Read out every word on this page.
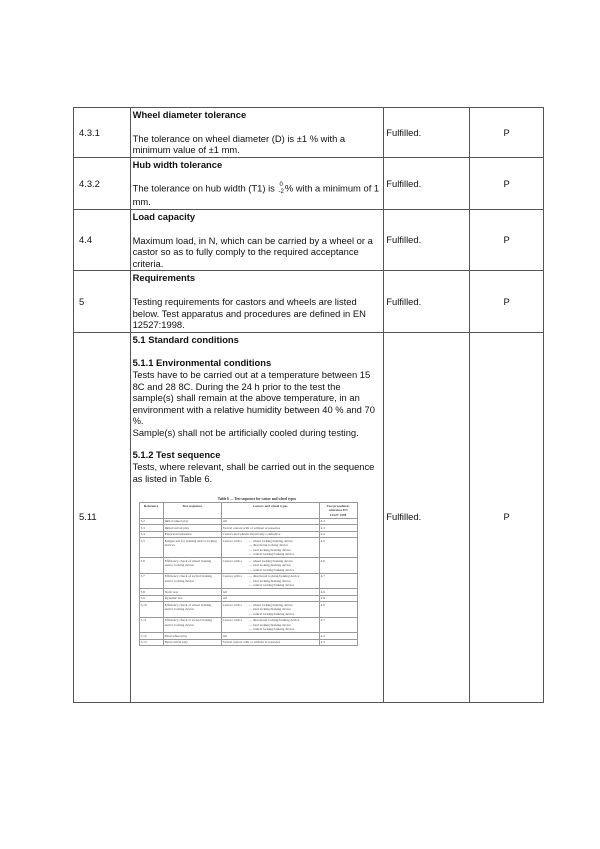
4.3.1	
Wheel diameter tolerance

The tolerance on wheel diameter (D) is ±1 % with a minimum value of ±1 mm.

	Fulfilled.	P
4.3.2	
Hub width tolerance

The tolerance on hub width (T1) is 0
-2% with a minimum of 1 mm.

	Fulfilled.	P
4.4	
Load capacity

Maximum load, in N, which can be carried by a wheel or a castor so as to fully comply to the required acceptance criteria.

	Fulfilled.	P
5	
Requirements

Testing requirements for castors and wheels are listed below. Test apparatus and procedures are defined in EN 12527:1998.

	Fulfilled.	P
5.11	
5.1 Standard conditions

5.1.1 Environmental conditions

Tests have to be carried out at a temperature between 15 8C and 28 8C. During the 24 h prior to the test the sample(s) shall remain at the above temperature, in an environment with a relative humidity between 40 % and 70 %.

Sample(s) shall not be artificially cooled during testing.

5.1.2 Test sequence

Tests, where relevant, shall be carried out in the sequence as listed in Table 6.

Table 6 — Test sequence for castor and wheel types
Reference	Test sequence	Castors and wheel types	Test procedures reference EN 12527:1998
5.2	Initial wheel play	All	4.2
5.3	Initial swivel play	Swivel castors with or without accessories	4.3
5.4	Electrical resistance	Castors and wheels electrically conductive	4.4
5.5	Fatigue test for braking and/or locking devices	
Castors with a	— wheel locking/braking device
— directional locking device
— total locking/braking device
— central locking/braking device
	4.5
5.6	Efficiency check of wheel braking and/or locking device	
Castors with a	— wheel locking/braking device
— total locking/braking device
— central locking/braking device
	4.6
5.7	Efficiency check of swivel braking and/or locking device	
Castors with a	— directional locking/braking device
— total locking/braking device
— central locking/braking device
	4.7
5.8	Static test	All	4.9
5.9	Dynamic test	All	4.8
5.10	Efficiency check of wheel braking and/or locking device	
Castors with a	— wheel locking/braking device
— total locking/braking device
— central locking/braking device
	4.6
5.11	Efficiency check of swivel braking and/or locking device	
Castors with a	— directional locking/braking device
— total locking/braking device
— central locking/braking device
	4.7
5.12	Final wheel play	All	4.2
5.13	Final swivel play	Swivel castors with or without accessories	4.3
	Fulfilled.	P
